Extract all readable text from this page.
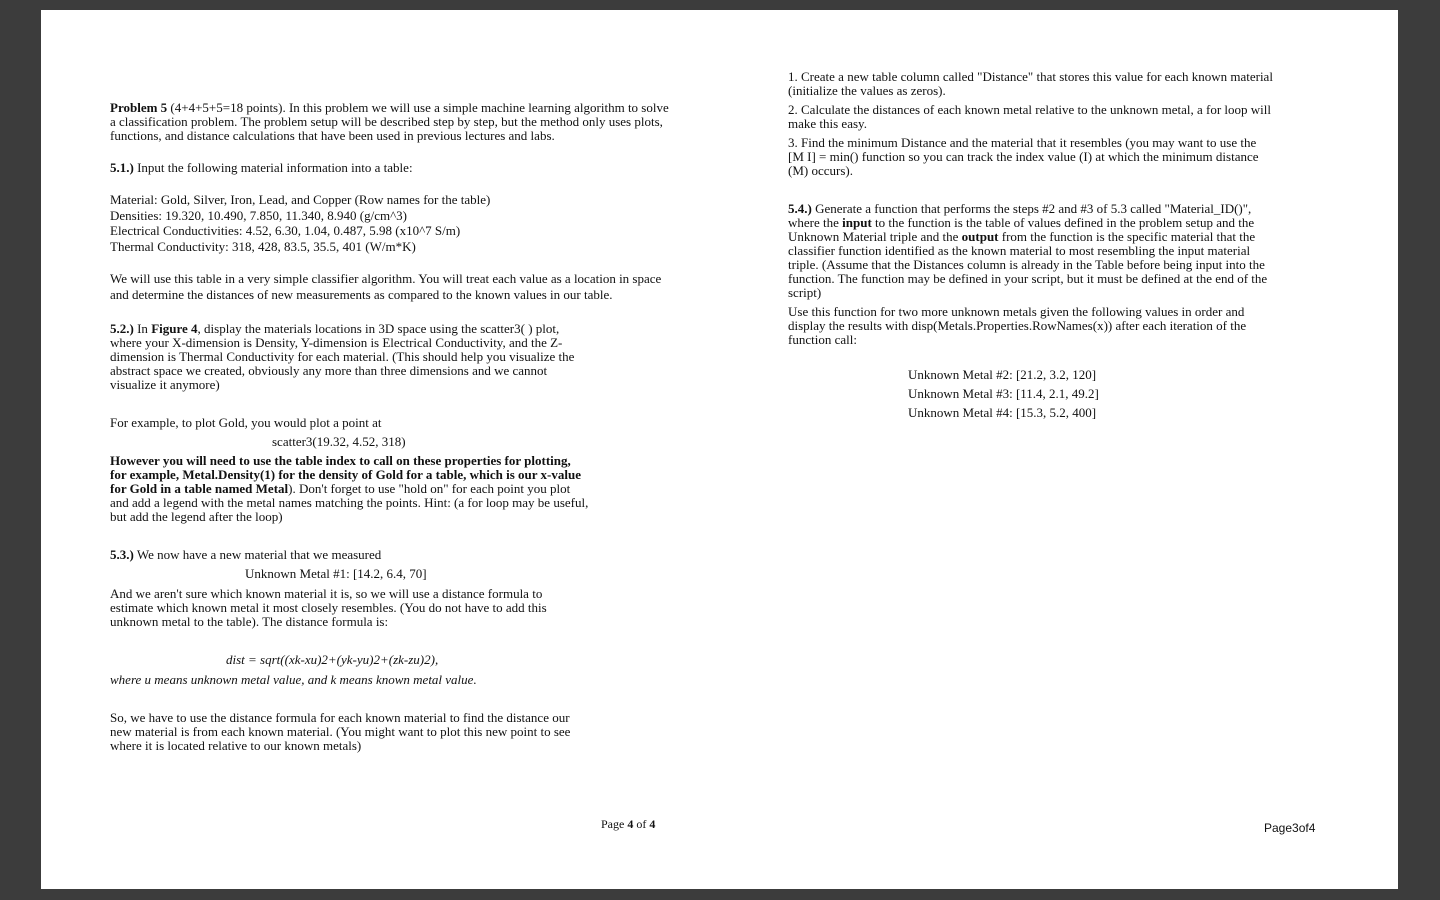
Problem 5 (4+4+5+5=18 points). In this problem we will use a simple machine learning algorithm to solve a classification problem. The problem setup will be described step by step, but the method only uses plots, functions, and distance calculations that have been used in previous lectures and labs.

5.1.) Input the following material information into a table:

Material: Gold, Silver, Iron, Lead, and Copper (Row names for the table)
Densities: 19.320, 10.490, 7.850, 11.340, 8.940 (g/cm^3)
Electrical Conductivities: 4.52, 6.30, 1.04, 0.487, 5.98 (x10^7 S/m)
Thermal Conductivity: 318, 428, 83.5, 35.5, 401 (W/m*K)

We will use this table in a very simple classifier algorithm. You will treat each value as a location in space and determine the distances of new measurements as compared to the known values in our table.

5.2.) In Figure 4, display the materials locations in 3D space using the scatter3( ) plot, where your X-dimension is Density, Y-dimension is Electrical Conductivity, and the Z-dimension is Thermal Conductivity for each material. (This should help you visualize the abstract space we created, obviously any more than three dimensions and we cannot visualize it anymore)

For example, to plot Gold, you would plot a point at

scatter3(19.32, 4.52, 318)

However you will need to use the table index to call on these properties for plotting, for example, Metal.Density(1) for the density of Gold for a table, which is our x-value for Gold in a table named Metal). Don't forget to use "hold on" for each point you plot and add a legend with the metal names matching the points. Hint: (a for loop may be useful, but add the legend after the loop)

5.3.) We now have a new material that we measured

Unknown Metal #1: [14.2, 6.4, 70]

And we aren't sure which known material it is, so we will use a distance formula to estimate which known metal it most closely resembles. (You do not have to add this unknown metal to the table). The distance formula is:

dist = sqrt((xk-xu)2+(yk-yu)2+(zk-zu)2),

where u means unknown metal value, and k means known metal value.

So, we have to use the distance formula for each known material to find the distance our new material is from each known material. (You might want to plot this new point to see where it is located relative to our known metals)

Page 4 of 4

1. Create a new table column called "Distance" that stores this value for each known material (initialize the values as zeros).

2. Calculate the distances of each known metal relative to the unknown metal, a for loop will make this easy.

3. Find the minimum Distance and the material that it resembles (you may want to use the [M I] = min() function so you can track the index value (I) at which the minimum distance (M) occurs).

5.4.) Generate a function that performs the steps #2 and #3 of 5.3 called "Material_ID()", where the input to the function is the table of values defined in the problem setup and the Unknown Material triple and the output from the function is the specific material that the classifier function identified as the known material to most resembling the input material triple. (Assume that the Distances column is already in the Table before being input into the function. The function may be defined in your script, but it must be defined at the end of the script)

Use this function for two more unknown metals given the following values in order and display the results with disp(Metals.Properties.RowNames(x)) after each iteration of the function call:

Unknown Metal #2: [21.2, 3.2, 120]

Unknown Metal #3: [11.4, 2.1, 49.2]

Unknown Metal #4: [15.3, 5.2, 400]

Page3of4
